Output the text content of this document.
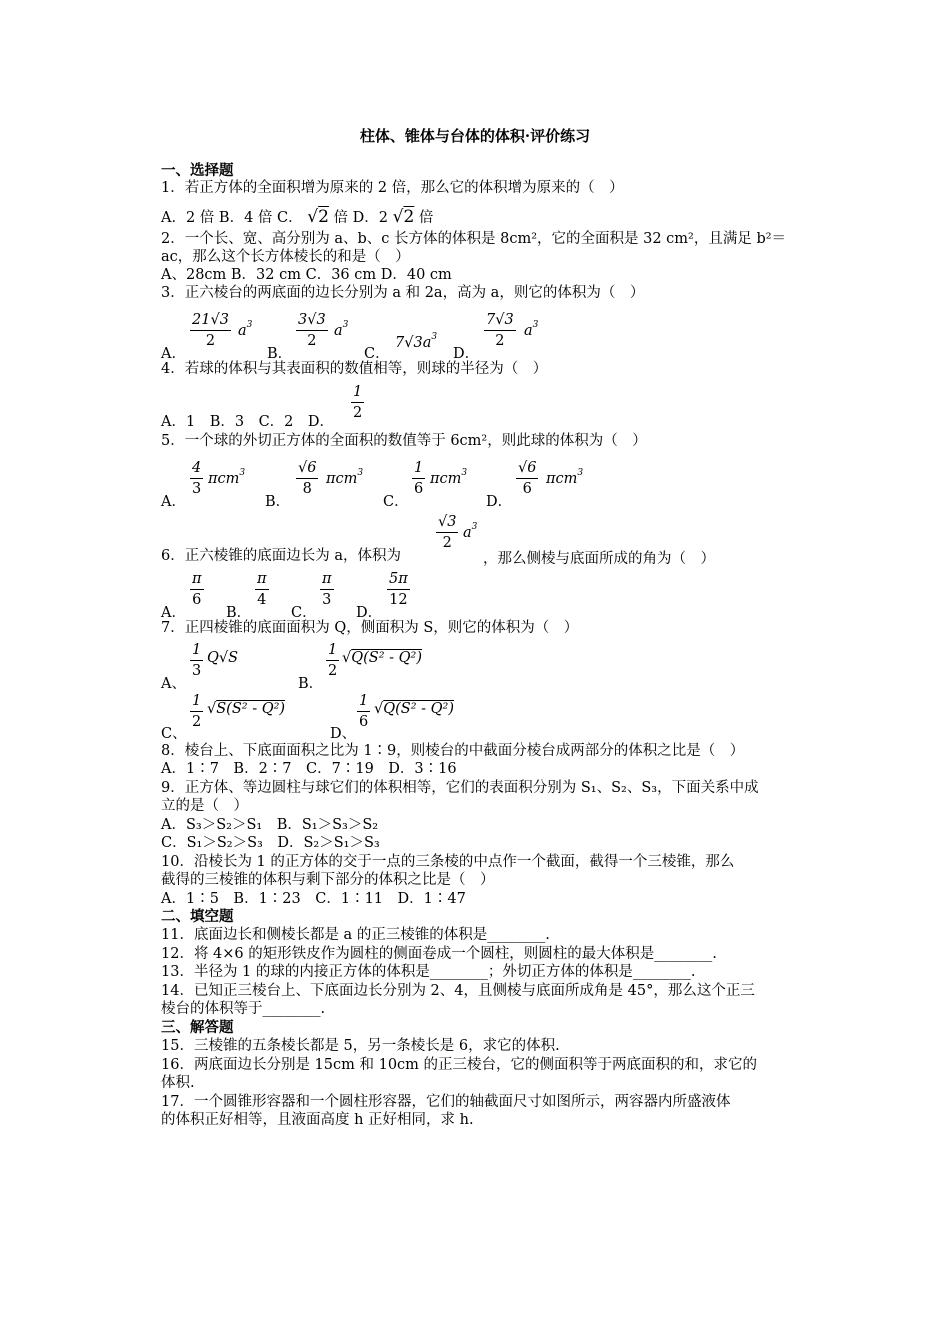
柱体、锥体与台体的体积·评价练习
一、选择题
1．若正方体的全面积增为原来的 2 倍，那么它的体积增为原来的（　）
A．2 倍 B．4 倍 C． √2 倍 D．2 √2 倍
2．一个长、宽、高分别为 a、b、c 长方体的体积是 8cm²，它的全面积是 32 cm²，且满足 b²＝
ac，那么这个长方体棱长的和是（　）
A、28cm B．32 cm C．36 cm D．40 cm
3．正六棱台的两底面的边长分别为 a 和 2a，高为 a，则它的体积为（　）
A．
$\frac{21√3}{2} a^3$
B．
$\frac{3√3}{2} a^3$
C．
$7√3a^3$
D．
$\frac{7√3}{2} a^3$
4．若球的体积与其表面积的数值相等，则球的半径为（　）
A．1　B．3　C．2　D． $\frac{1}{2}$
5．一个球的外切正方体的全面积的数值等于 6cm²，则此球的体积为（　）
A．
$\frac{4}{3} \pi cm^3$
B．
$\frac{√6}{8} \pi cm^3$
C．
$\frac{1}{6} \pi cm^3$
D．
$\frac{√6}{6} \pi cm^3$
6．正六棱锥的底面边长为 a，体积为
$\frac{√3}{2} a^3$
，那么侧棱与底面所成的角为（　）
A．
$\frac{\pi}{6}$
B．
$\frac{\pi}{4}$
C．
$\frac{\pi}{3}$
D．
$\frac{5\pi}{12}$
7．正四棱锥的底面面积为 Q，侧面积为 S，则它的体积为（　）
A、
$\frac{1}{3} Q√S$
B．
$\frac{1}{2} √Q(S^2 - Q^2)$
C、
$\frac{1}{2} √S(S^2 - Q^2)$
D、
$\frac{1}{6} √Q(S^2 - Q^2)$
8．棱台上、下底面面积之比为 1∶9，则棱台的中截面分棱台成两部分的体积之比是（　）
A．1∶7　B．2∶7　C．7∶19　D．3∶16
9．正方体、等边圆柱与球它们的体积相等，它们的表面积分别为 S₁、S₂、S₃，下面关系中成
立的是（　）
A．S₃＞S₂＞S₁　B．S₁＞S₃＞S₂
C．S₁＞S₂＞S₃　D．S₂＞S₁＞S₃
10．沿棱长为 1 的正方体的交于一点的三条棱的中点作一个截面，截得一个三棱锥，那么
截得的三棱锥的体积与剩下部分的体积之比是（　）
A．1∶5　B．1∶23　C．1∶11　D．1∶47
二、填空题
11．底面边长和侧棱长都是 a 的正三棱锥的体积是________.
12．将 4×6 的矩形铁皮作为圆柱的侧面卷成一个圆柱，则圆柱的最大体积是________.
13．半径为 1 的球的内接正方体的体积是________；外切正方体的体积是________.
14．已知正三棱台上、下底面边长分别为 2、4，且侧棱与底面所成角是 45°，那么这个正三
棱台的体积等于________.
三、解答题
15．三棱锥的五条棱长都是 5，另一条棱长是 6，求它的体积.
16．两底面边长分别是 15cm 和 10cm 的正三棱台，它的侧面积等于两底面积的和，求它的
体积.
17．一个圆锥形容器和一个圆柱形容器，它们的轴截面尺寸如图所示，两容器内所盛液体
的体积正好相等，且液面高度 h 正好相同，求 h.
